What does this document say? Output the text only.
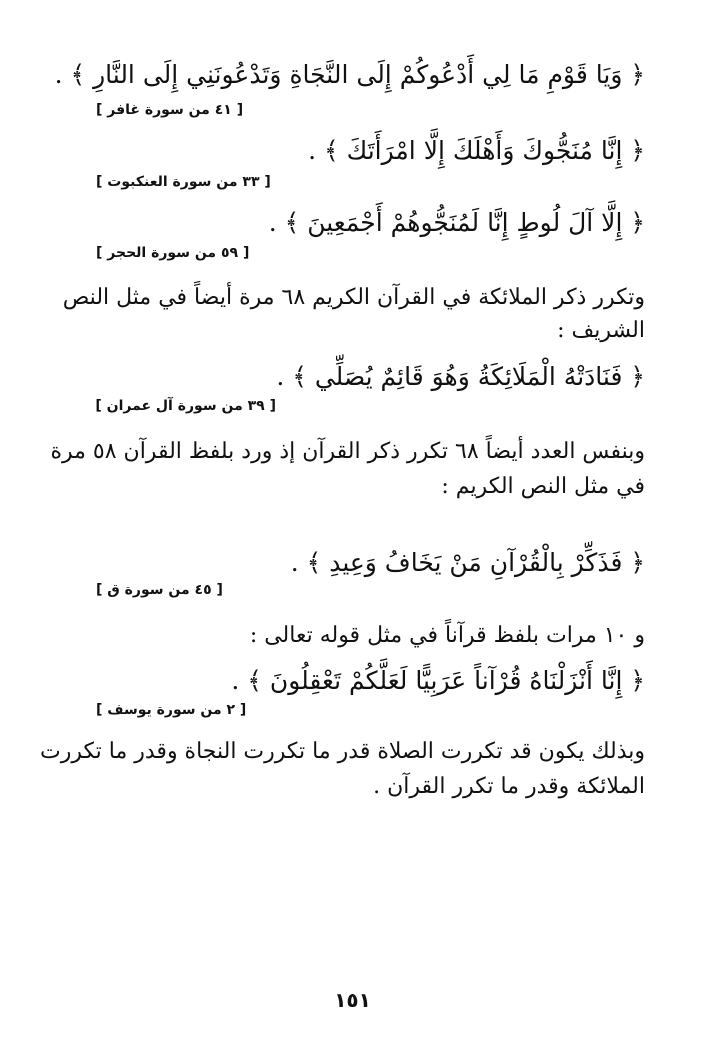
﴿ وَيَا قَوْمِ مَا لِي أَدْعُوكُمْ إِلَى النَّجَاةِ وَتَدْعُونَنِي إِلَى النَّارِ ﴾ .
[ ٤١ من سورة غافر ]
﴿ إِنَّا مُنَجُّوكَ وَأَهْلَكَ إِلَّا امْرَأَتَكَ ﴾ .
[ ٣٣ من سورة العنكبوت ]
﴿ إِلَّا آلَ لُوطٍ إِنَّا لَمُنَجُّوهُمْ أَجْمَعِينَ ﴾ .
[ ٥٩ من سورة الحجر ]
وتكرر ذكر الملائكة في القرآن الكريم ٦٨ مرة أيضاً في مثل النص
الشريف :
﴿ فَنَادَتْهُ الْمَلَائِكَةُ وَهُوَ قَائِمٌ يُصَلِّي ﴾ .
[ ٣٩ من سورة آل عمران ]
وبنفس العدد أيضاً ٦٨ تكرر ذكر القرآن إذ ورد بلفظ القرآن ٥٨ مرة
في مثل النص الكريم :
﴿ فَذَكِّرْ بِالْقُرْآنِ مَنْ يَخَافُ وَعِيدِ ﴾ .
[ ٤٥ من سورة ق ]
و ١٠ مرات بلفظ قرآناً في مثل قوله تعالى :
﴿ إِنَّا أَنْزَلْنَاهُ قُرْآناً عَرَبِيًّا لَعَلَّكُمْ تَعْقِلُونَ ﴾ .
[ ٢ من سورة يوسف ]
وبذلك يكون قد تكررت الصلاة قدر ما تكررت النجاة وقدر ما تكررت
الملائكة وقدر ما تكرر القرآن .
١٥١
